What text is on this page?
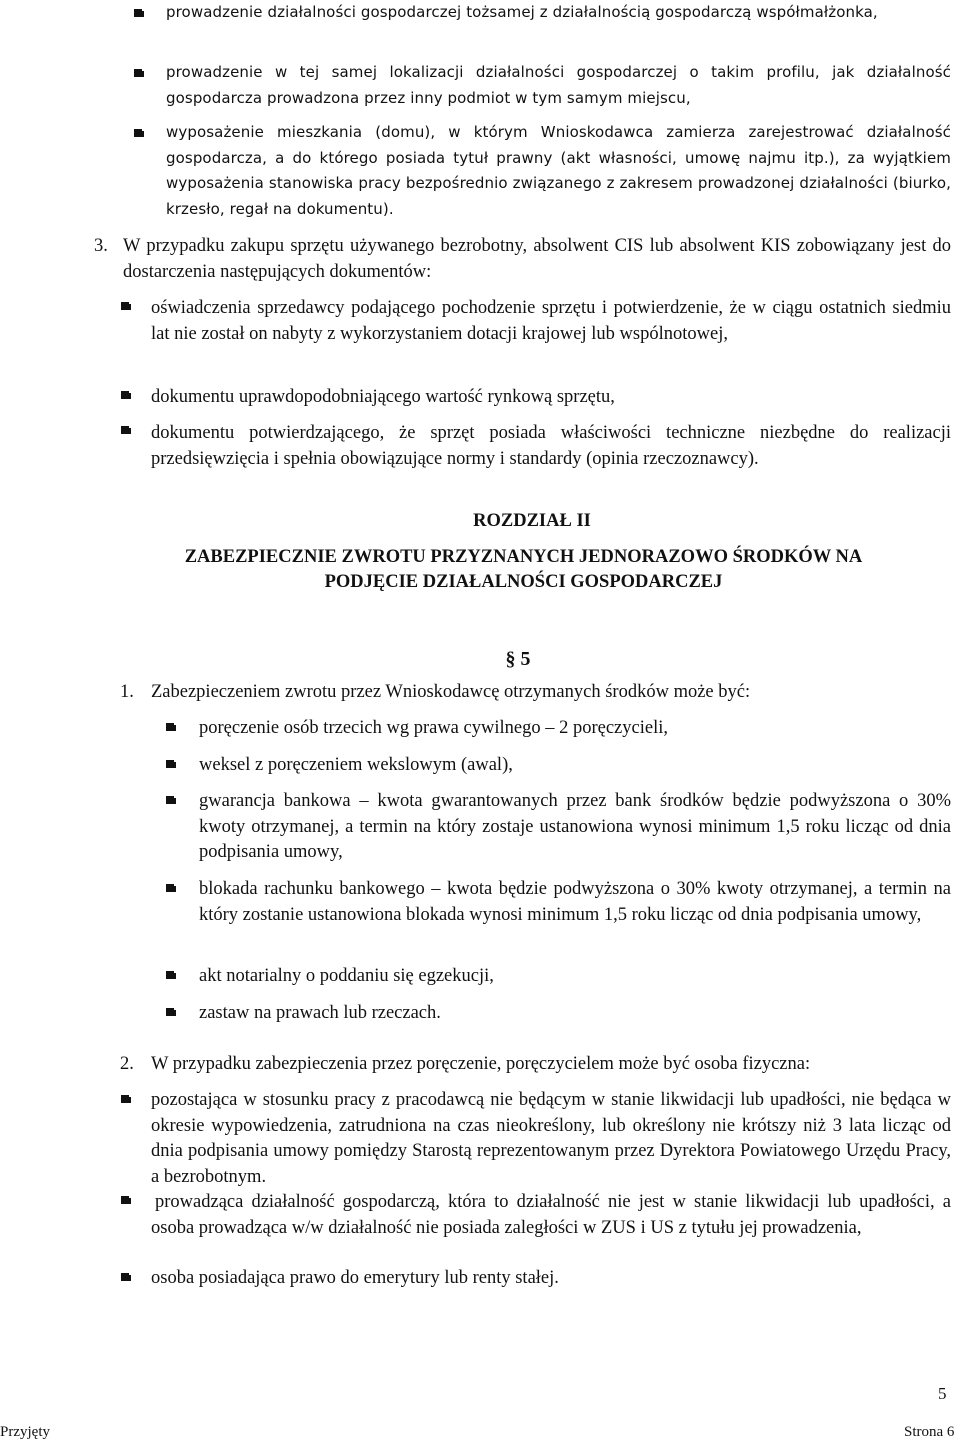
prowadzenie działalności gospodarczej tożsamej z działalnością gospodarczą współmałżonka,
prowadzenie w tej samej lokalizacji działalności gospodarczej o takim profilu, jak działalność gospodarcza prowadzona przez inny podmiot w tym samym miejscu,
wyposażenie mieszkania (domu), w którym Wnioskodawca zamierza zarejestrować działalność gospodarcza, a do którego posiada tytuł prawny (akt własności, umowę najmu itp.), za wyjątkiem wyposażenia stanowiska pracy bezpośrednio związanego z zakresem prowadzonej działalności (biurko, krzesło, regał na dokumentu).
3. W przypadku zakupu sprzętu używanego bezrobotny, absolwent CIS lub absolwent KIS zobowiązany jest do dostarczenia następujących dokumentów:
oświadczenia sprzedawcy podającego pochodzenie sprzętu i potwierdzenie, że w ciągu ostatnich siedmiu lat nie został on nabyty z wykorzystaniem dotacji krajowej lub wspólnotowej,
dokumentu uprawdopodobniającego wartość rynkową sprzętu,
dokumentu potwierdzającego, że sprzęt posiada właściwości techniczne niezbędne do realizacji przedsięwzięcia i spełnia obowiązujące normy i standardy (opinia rzeczoznawcy).
ROZDZIAŁ II
ZABEZPIECZNIE ZWROTU PRZYZNANYCH JEDNORAZOWO ŚRODKÓW NA
PODJĘCIE DZIAŁALNOŚCI GOSPODARCZEJ
§ 5
1. Zabezpieczeniem zwrotu przez Wnioskodawcę otrzymanych środków może być:
poręczenie osób trzecich wg prawa cywilnego – 2 poręczycieli,
weksel z poręczeniem wekslowym (awal),
gwarancja bankowa – kwota gwarantowanych przez bank środków będzie podwyższona o 30% kwoty otrzymanej, a termin na który zostaje ustanowiona wynosi minimum 1,5 roku licząc od dnia podpisania umowy,
blokada rachunku bankowego – kwota będzie podwyższona o 30% kwoty otrzymanej, a termin na który zostanie ustanowiona blokada wynosi minimum 1,5 roku licząc od dnia podpisania umowy,
akt notarialny o poddaniu się egzekucji,
zastaw na prawach lub rzeczach.
2. W przypadku zabezpieczenia przez poręczenie, poręczycielem może być osoba fizyczna:
pozostająca w stosunku pracy z pracodawcą nie będącym w stanie likwidacji lub upadłości, nie będąca w okresie wypowiedzenia, zatrudniona na czas nieokreślony, lub określony nie krótszy niż 3 lata licząc od dnia podpisania umowy pomiędzy Starostą reprezentowanym przez Dyrektora Powiatowego Urzędu Pracy, a bezrobotnym.
prowadząca działalność gospodarczą, która to działalność nie jest w stanie likwidacji lub upadłości, a osoba prowadząca w/w działalność nie posiada zaległości w ZUS i US z tytułu jej prowadzenia,
osoba posiadająca prawo do emerytury lub renty stałej.
5
Przyjęty	Strona 6
